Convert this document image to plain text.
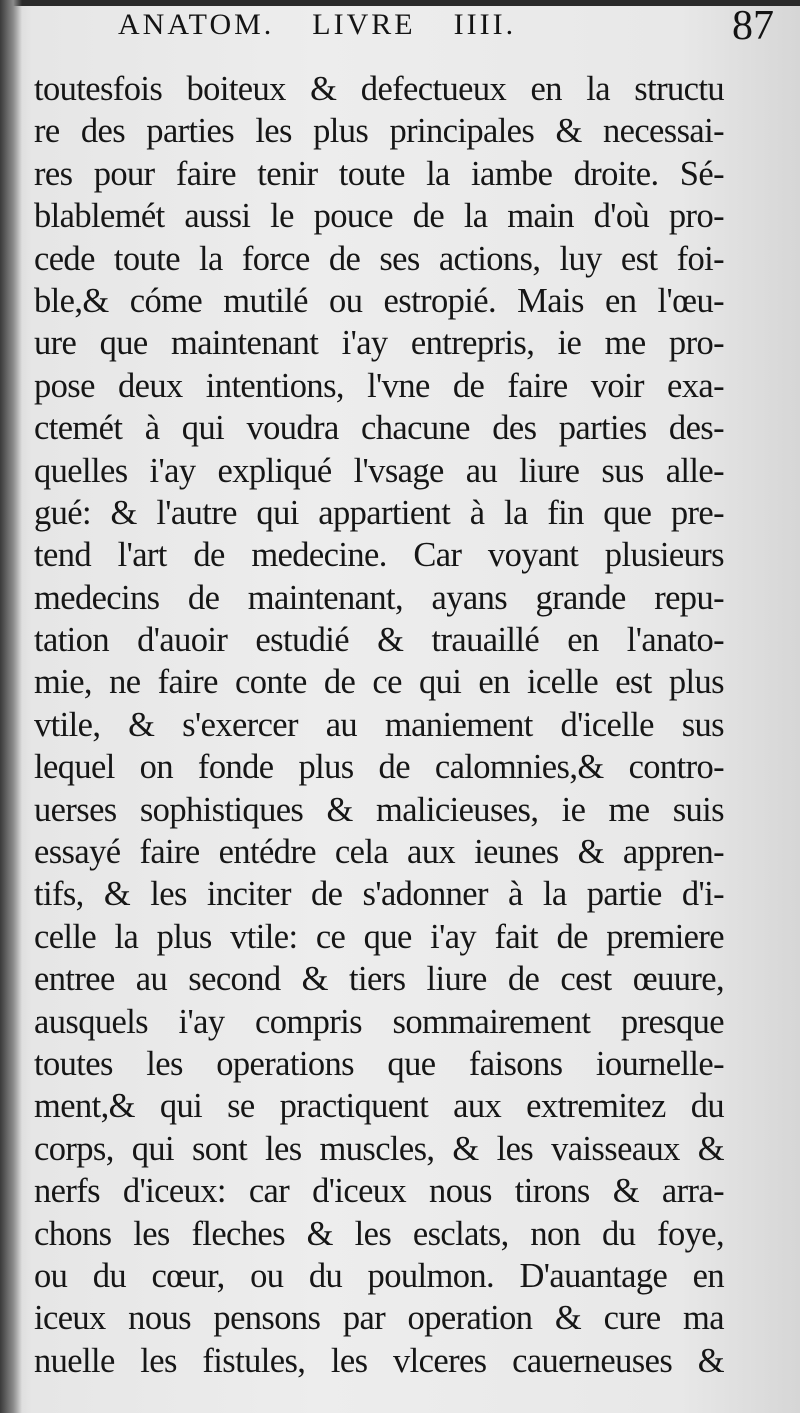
ANATOM. LIVRE IIII.	87
toutesfois boiteux & defectueux en la structu
re des parties les plus principales & necessai-
res pour faire tenir toute la iambe droite. Sé-
blablemét aussi le pouce de la main d'où pro-
cede toute la force de ses actions, luy est foi-
ble,& cóme mutilé ou estropié. Mais en l'œu-
ure que maintenant i'ay entrepris, ie me pro-
pose deux intentions, l'vne de faire voir exa-
ctemét à qui voudra chacune des parties des-
quelles i'ay expliqué l'vsage au liure sus alle-
gué: & l'autre qui appartient à la fin que pre-
tend l'art de medecine. Car voyant plusieurs
medecins de maintenant, ayans grande repu-
tation d'auoir estudié & trauaillé en l'anato-
mie, ne faire conte de ce qui en icelle est plus
vtile, & s'exercer au maniement d'icelle sus
lequel on fonde plus de calomnies,& contro-
uerses sophistiques & malicieuses, ie me suis
essayé faire entédre cela aux ieunes & appren-
tifs, & les inciter de s'adonner à la partie d'i-
celle la plus vtile: ce que i'ay fait de premiere
entree au second & tiers liure de cest œuure,
ausquels i'ay compris sommairement presque
toutes les operations que faisons iournelle-
ment,& qui se practiquent aux extremitez du
corps, qui sont les muscles, & les vaisseaux &
nerfs d'iceux: car d'iceux nous tirons & arra-
chons les fleches & les esclats, non du foye,
ou du cœur, ou du poulmon. D'auantage en
iceux nous pensons par operation & cure ma
nuelle les fistules, les vlceres cauerneuses &
